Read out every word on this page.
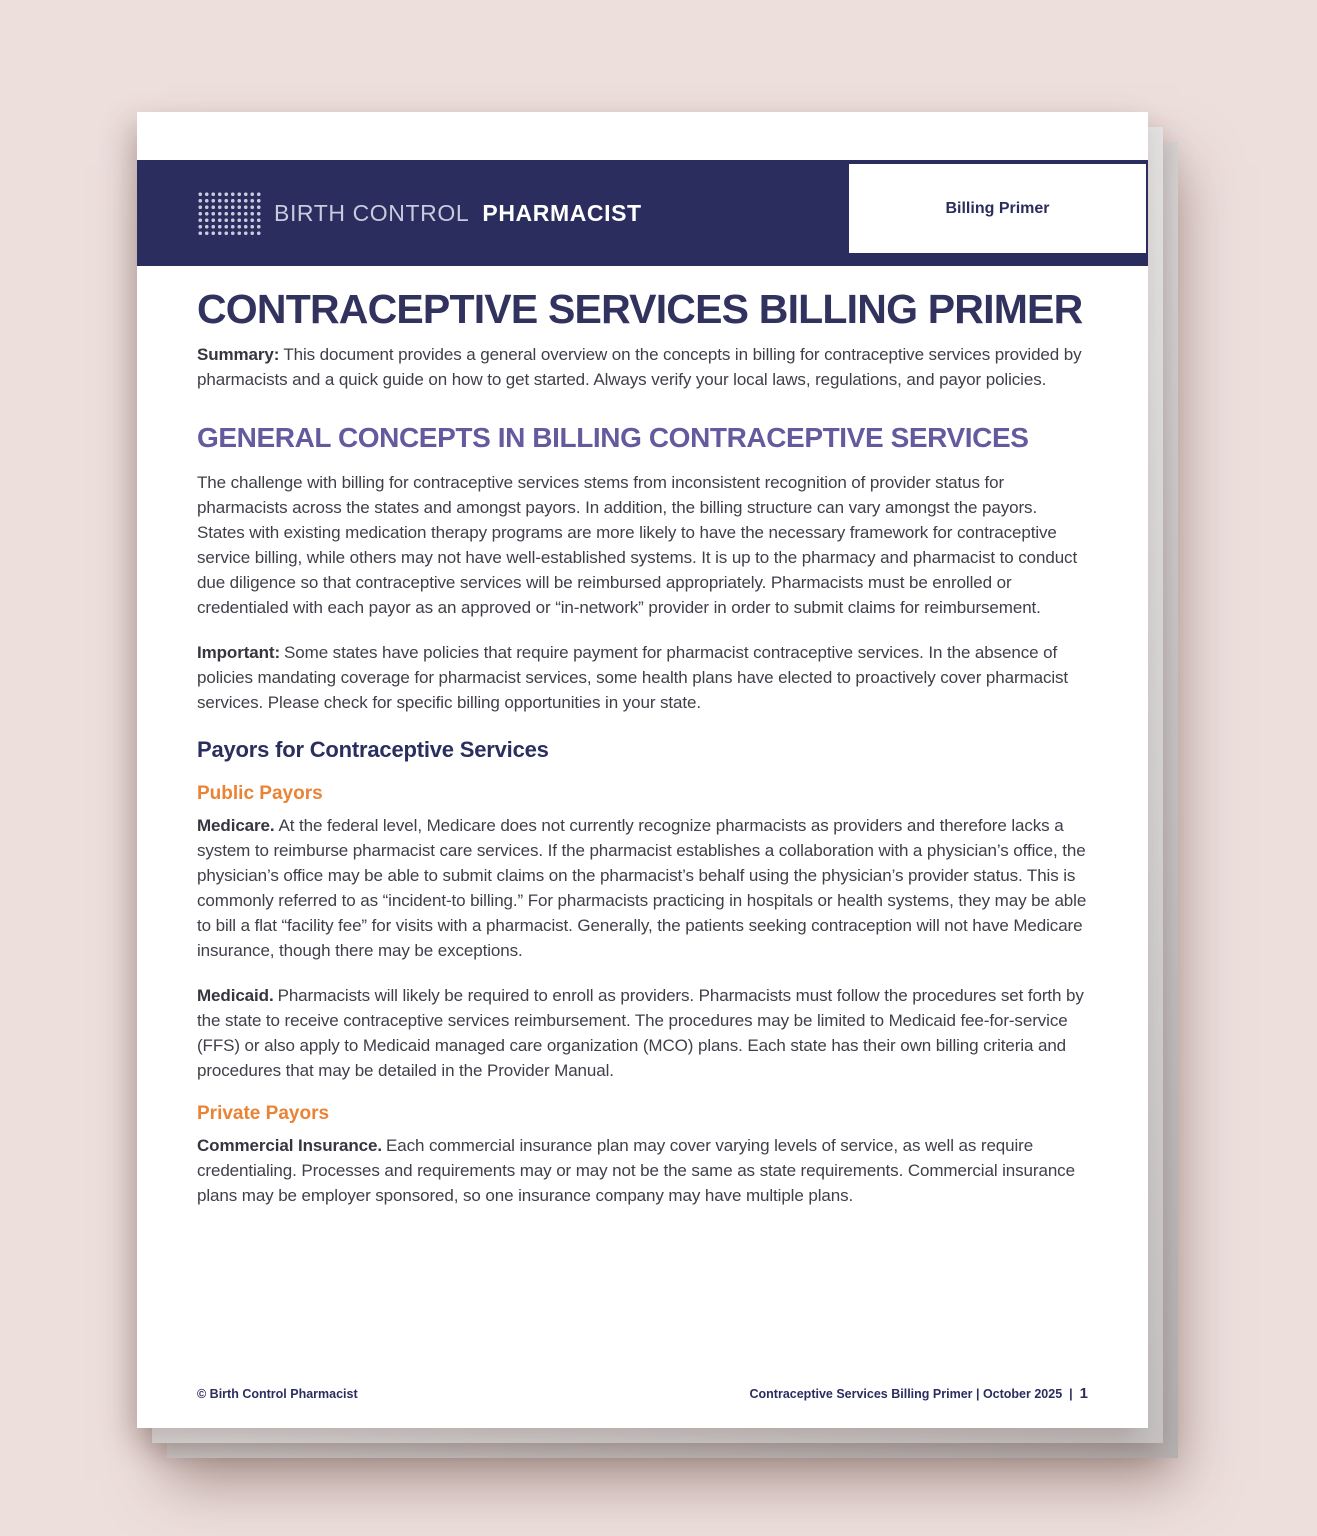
BIRTH CONTROL PHARMACIST	Billing Primer
CONTRACEPTIVE SERVICES BILLING PRIMER

Summary: This document provides a general overview on the concepts in billing for contraceptive services provided by pharmacists and a quick guide on how to get started. Always verify your local laws, regulations, and payor policies.

GENERAL CONCEPTS IN BILLING CONTRACEPTIVE SERVICES

The challenge with billing for contraceptive services stems from inconsistent recognition of provider status for pharmacists across the states and amongst payors. In addition, the billing structure can vary amongst the payors. States with existing medication therapy programs are more likely to have the necessary framework for contraceptive service billing, while others may not have well-established systems. It is up to the pharmacy and pharmacist to conduct due diligence so that contraceptive services will be reimbursed appropriately. Pharmacists must be enrolled or credentialed with each payor as an approved or “in-network” provider in order to submit claims for reimbursement.

Important: Some states have policies that require payment for pharmacist contraceptive services. In the absence of policies mandating coverage for pharmacist services, some health plans have elected to proactively cover pharmacist services. Please check for specific billing opportunities in your state.

Payors for Contraceptive Services
Public Payors

Medicare. At the federal level, Medicare does not currently recognize pharmacists as providers and therefore lacks a system to reimburse pharmacist care services. If the pharmacist establishes a collaboration with a physician’s office, the physician’s office may be able to submit claims on the pharmacist’s behalf using the physician’s provider status. This is commonly referred to as “incident-to billing.” For pharmacists practicing in hospitals or health systems, they may be able to bill a flat “facility fee” for visits with a pharmacist. Generally, the patients seeking contraception will not have Medicare insurance, though there may be exceptions.

Medicaid. Pharmacists will likely be required to enroll as providers. Pharmacists must follow the procedures set forth by the state to receive contraceptive services reimbursement. The procedures may be limited to Medicaid fee-for-service (FFS) or also apply to Medicaid managed care organization (MCO) plans. Each state has their own billing criteria and procedures that may be detailed in the Provider Manual.

Private Payors

Commercial Insurance. Each commercial insurance plan may cover varying levels of service, as well as require credentialing. Processes and requirements may or may not be the same as state requirements. Commercial insurance plans may be employer sponsored, so one insurance company may have multiple plans.

© Birth Control Pharmacist	Contraceptive Services Billing Primer | October 2025 | 1
